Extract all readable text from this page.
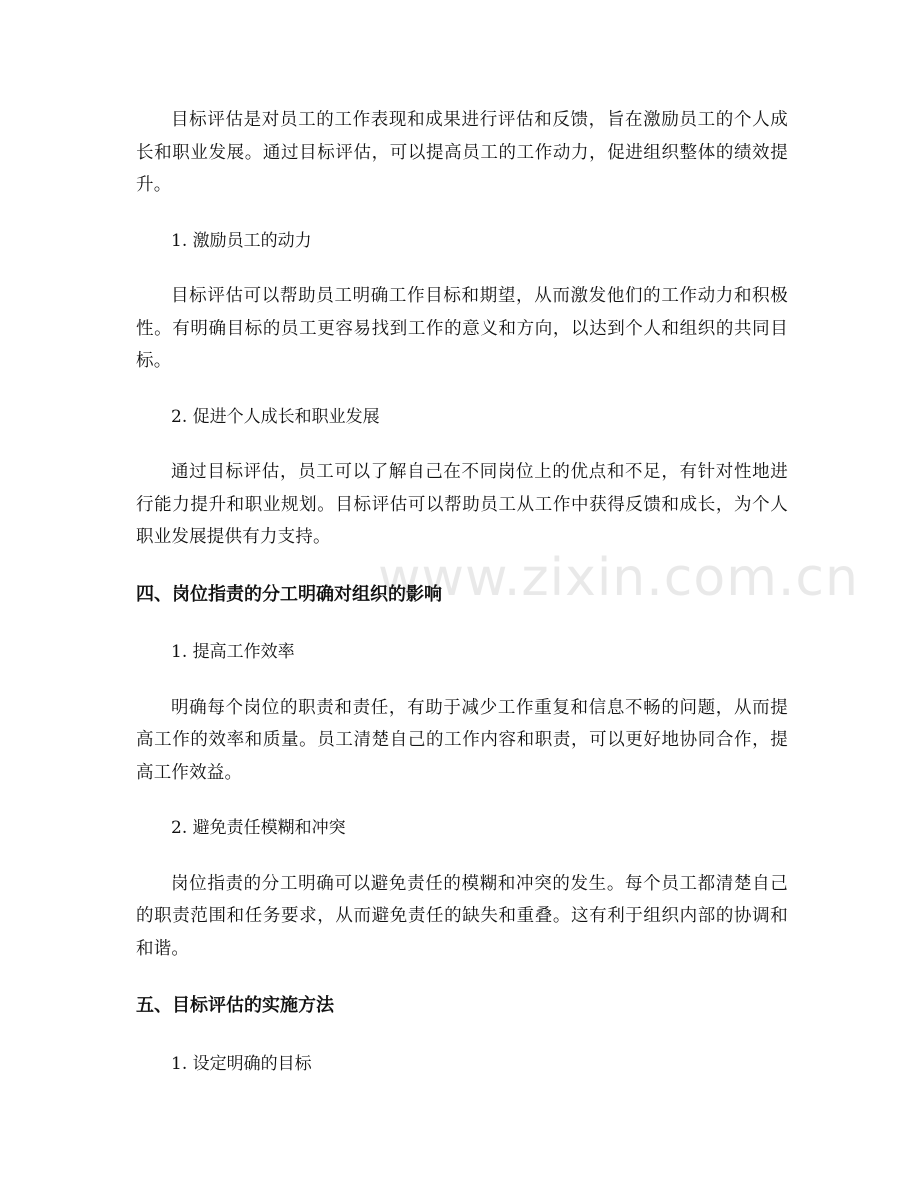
www.zixin.com.cn

目标评估是对员工的工作表现和成果进行评估和反馈，旨在激励员工的个人成长和职业发展。通过目标评估，可以提高员工的工作动力，促进组织整体的绩效提升。

1. 激励员工的动力

目标评估可以帮助员工明确工作目标和期望，从而激发他们的工作动力和积极性。有明确目标的员工更容易找到工作的意义和方向，以达到个人和组织的共同目标。

2. 促进个人成长和职业发展

通过目标评估，员工可以了解自己在不同岗位上的优点和不足，有针对性地进行能力提升和职业规划。目标评估可以帮助员工从工作中获得反馈和成长，为个人职业发展提供有力支持。

四、岗位指责的分工明确对组织的影响

1. 提高工作效率

明确每个岗位的职责和责任，有助于减少工作重复和信息不畅的问题，从而提高工作的效率和质量。员工清楚自己的工作内容和职责，可以更好地协同合作，提高工作效益。

2. 避免责任模糊和冲突

岗位指责的分工明确可以避免责任的模糊和冲突的发生。每个员工都清楚自己的职责范围和任务要求，从而避免责任的缺失和重叠。这有利于组织内部的协调和和谐。

五、目标评估的实施方法

1. 设定明确的目标
